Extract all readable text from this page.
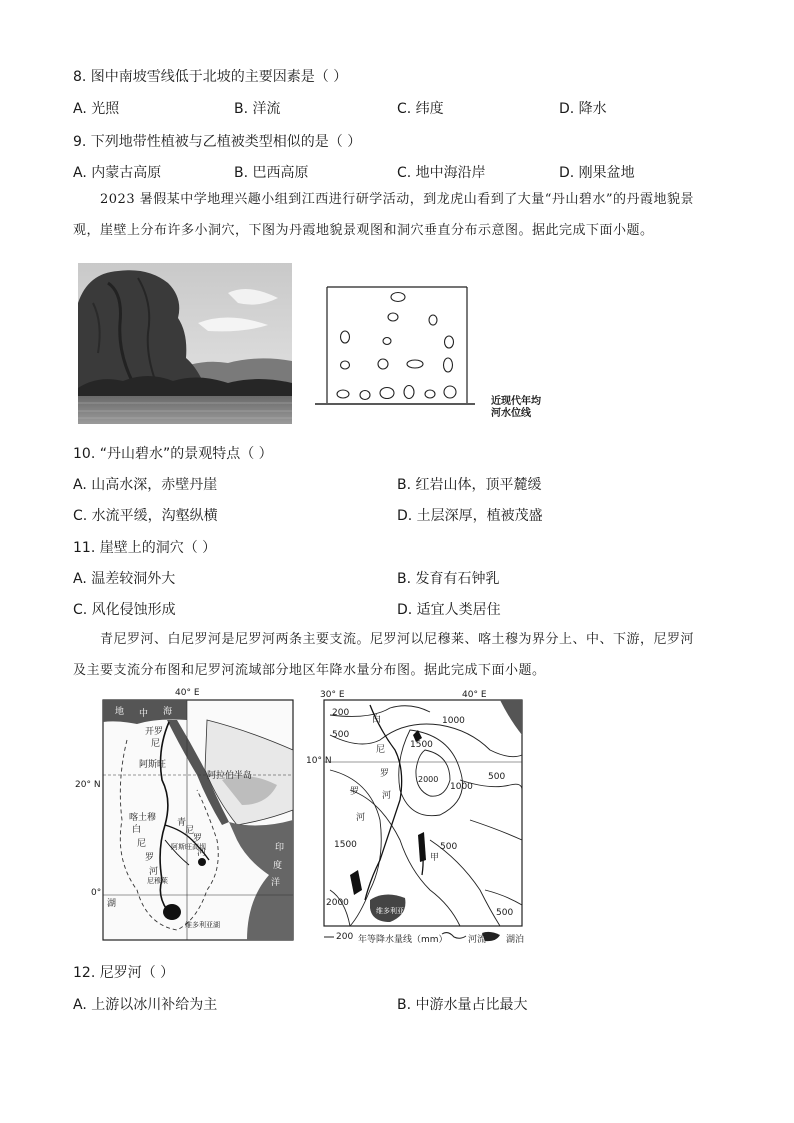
8. 图中南坡雪线低于北坡的主要因素是（ ）
A. 光照	B. 洋流	C. 纬度	D. 降水
9. 下列地带性植被与乙植被类型相似的是（ ）
A. 内蒙古高原	B. 巴西高原	C. 地中海沿岸	D. 刚果盆地
2023 暑假某中学地理兴趣小组到江西进行研学活动，到龙虎山看到了大量“丹山碧水”的丹霞地貌景
观，崖壁上分布许多小洞穴，下图为丹霞地貌景观图和洞穴垂直分布示意图。据此完成下面小题。
近现代年均
河水位线
10. “丹山碧水”的景观特点（ ）
A. 山高水深，赤壁丹崖	B. 红岩山体，顶平麓缓
C. 水流平缓，沟壑纵横	D. 土层深厚，植被茂盛
11. 崖壁上的洞穴（ ）
A. 温差较洞外大	B. 发育有石钟乳
C. 风化侵蚀形成	D. 适宜人类居住
青尼罗河、白尼罗河是尼罗河两条主要支流。尼罗河以尼穆莱、喀土穆为界分上、中、下游，尼罗河
及主要支流分布图和尼罗河流域部分地区年降水量分布图。据此完成下面小题。
40° E
20° N
0°
地 中 海
开罗
尼
阿斯旺
阿拉伯半岛
喀土穆
白
尼
罗
河
青
尼
罗
河	印
洋
度
湖
阿斯旺高坝
尼穆莱
维多利亚湖
30° E	40° E
10° N
200
500
1000
1500
2000	500
1000
500
1500
2000
500
白
尼
罗
河
罗
河
甲
维多利亚湖
200 年等降水量线（mm） 河流 湖泊
12. 尼罗河（ ）
A. 上游以冰川补给为主	B. 中游水量占比最大
